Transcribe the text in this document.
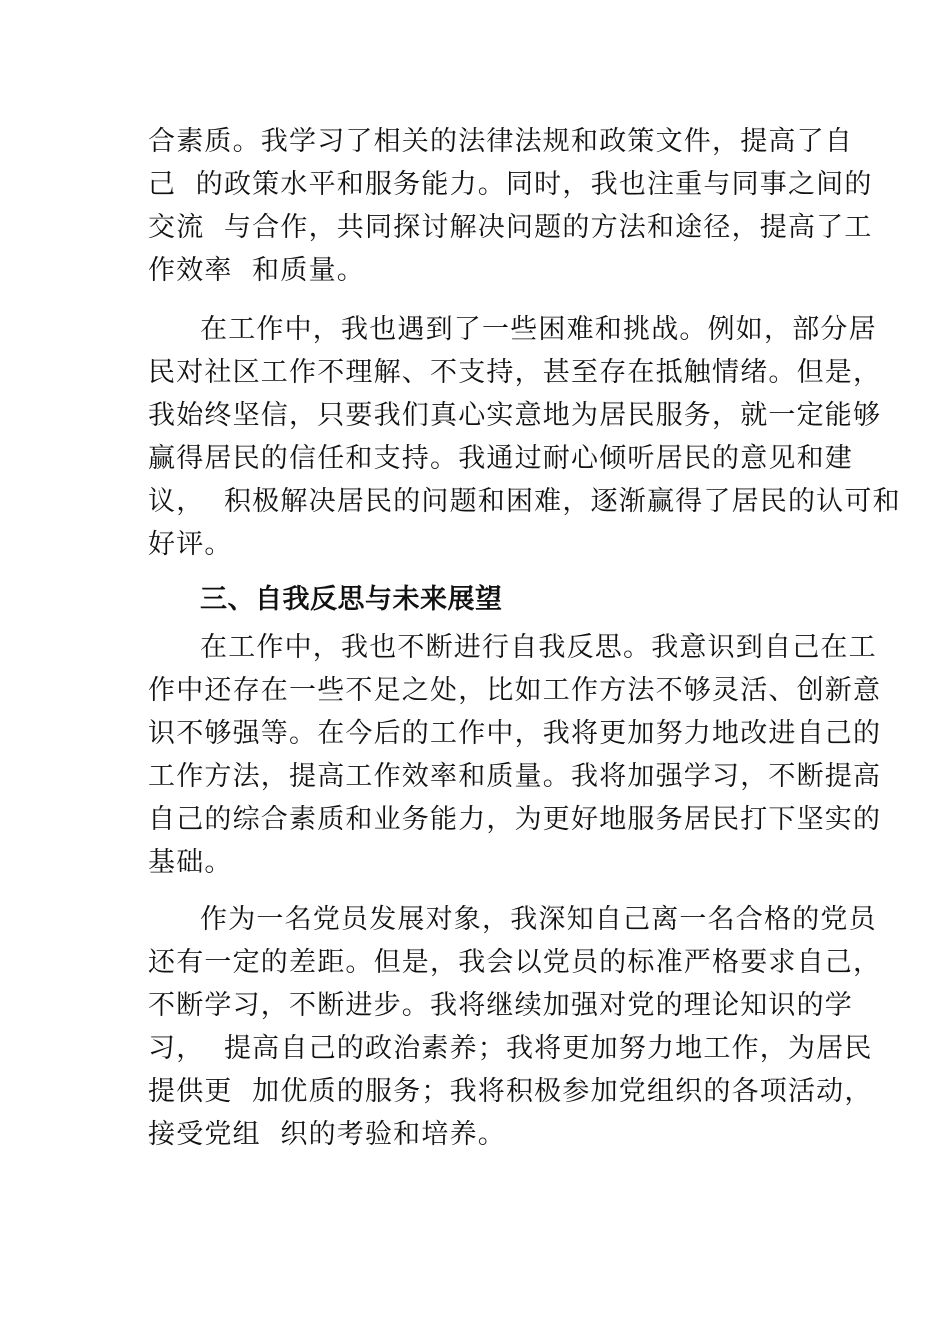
合素质。我学习了相关的法律法规和政策文件，提高了自
己  的政策水平和服务能力。同时，我也注重与同事之间的
交流  与合作，共同探讨解决问题的方法和途径，提高了工
作效率  和质量。
在工作中，我也遇到了一些困难和挑战。例如，部分居
民对社区工作不理解、不支持，甚至存在抵触情绪。但是，
我始终坚信，只要我们真心实意地为居民服务，就一定能够
赢得居民的信任和支持。我通过耐心倾听居民的意见和建
议，  积极解决居民的问题和困难，逐渐赢得了居民的认可和
好评。
三、自我反思与未来展望
在工作中，我也不断进行自我反思。我意识到自己在工
作中还存在一些不足之处，比如工作方法不够灵活、创新意
识不够强等。在今后的工作中，我将更加努力地改进自己的
工作方法，提高工作效率和质量。我将加强学习，不断提高
自己的综合素质和业务能力，为更好地服务居民打下坚实的
基础。
作为一名党员发展对象，我深知自己离一名合格的党员
还有一定的差距。但是，我会以党员的标准严格要求自己，
不断学习，不断进步。我将继续加强对党的理论知识的学
习，  提高自己的政治素养；我将更加努力地工作，为居民
提供更  加优质的服务；我将积极参加党组织的各项活动，
接受党组  织的考验和培养。
